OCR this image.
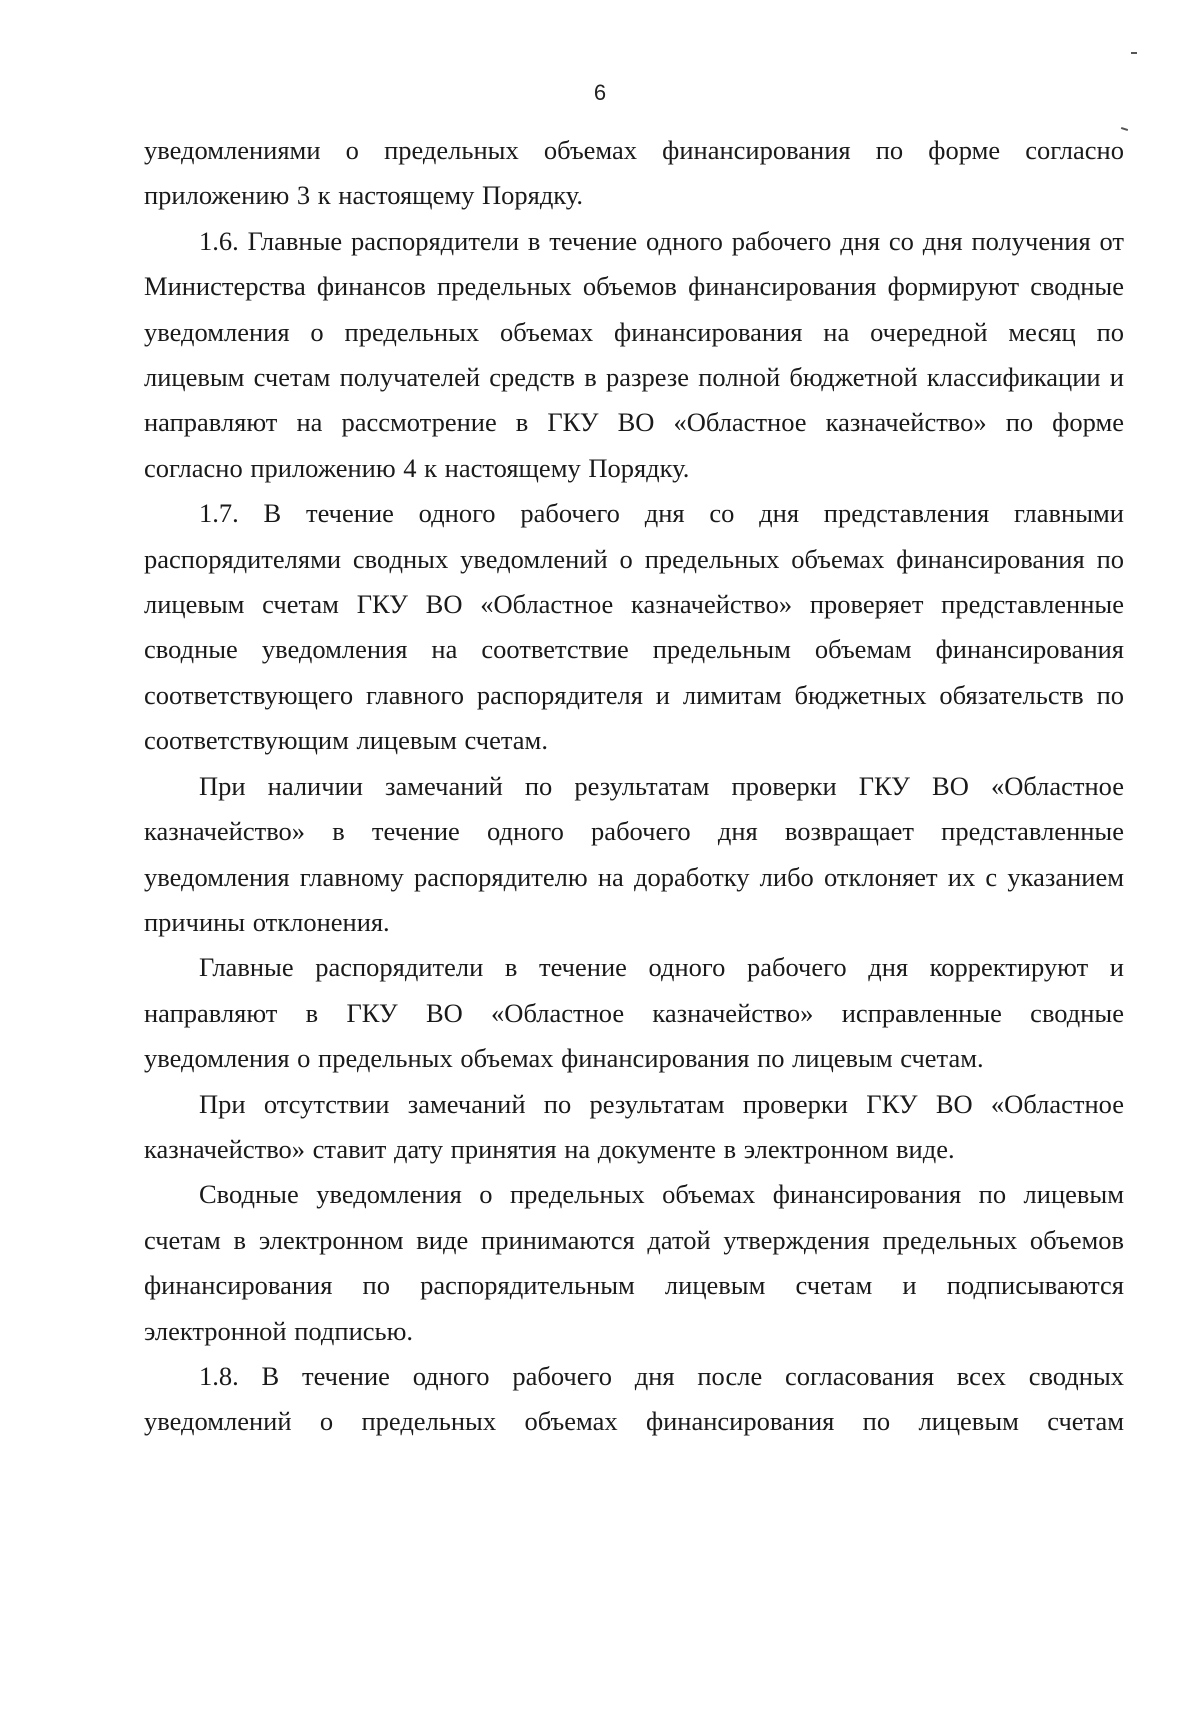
6

уведомлениями о предельных объемах финансирования по форме согласно приложению 3 к настоящему Порядку.

1.6. Главные распорядители в течение одного рабочего дня со дня получения от Министерства финансов предельных объемов финансирования формируют сводные уведомления о предельных объемах финансирования на очередной месяц по лицевым счетам получателей средств в разрезе полной бюджетной классификации и направляют на рассмотрение в ГКУ ВО «Областное казначейство» по форме согласно приложению 4 к настоящему Порядку.

1.7. В течение одного рабочего дня со дня представления главными распорядителями сводных уведомлений о предельных объемах финансирования по лицевым счетам ГКУ ВО «Областное казначейство» проверяет представленные сводные уведомления на соответствие предельным объемам финансирования соответствующего главного распорядителя и лимитам бюджетных обязательств по соответствующим лицевым счетам.

При наличии замечаний по результатам проверки ГКУ ВО «Областное казначейство» в течение одного рабочего дня возвращает представленные уведомления главному распорядителю на доработку либо отклоняет их с указанием причины отклонения.

Главные распорядители в течение одного рабочего дня корректируют и направляют в ГКУ ВО «Областное казначейство» исправленные сводные уведомления о предельных объемах финансирования по лицевым счетам.

При отсутствии замечаний по результатам проверки ГКУ ВО «Областное казначейство» ставит дату принятия на документе в электронном виде.

Сводные уведомления о предельных объемах финансирования по лицевым счетам в электронном виде принимаются датой утверждения предельных объемов финансирования по распорядительным лицевым счетам и подписываются электронной подписью.

1.8. В течение одного рабочего дня после согласования всех сводных уведомлений о предельных объемах финансирования по лицевым счетам
